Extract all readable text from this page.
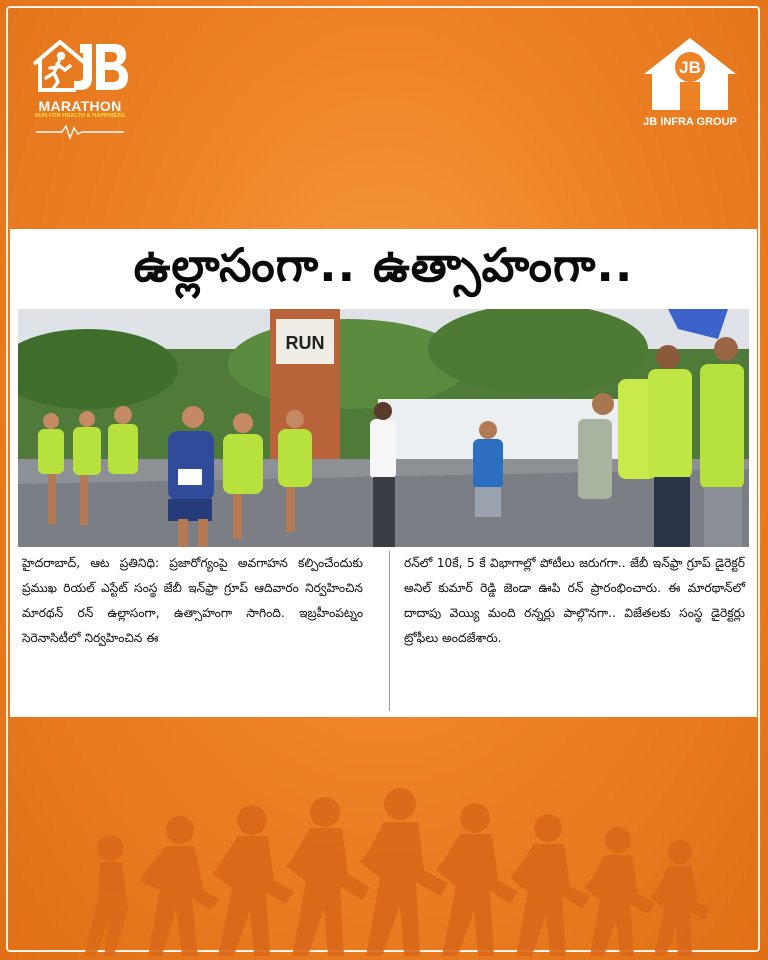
MARATHON
RUN FOR HEALTH & HAPPINESS
JB
JB INFRA GROUP
ఉల్లాసంగా.. ఉత్సాహంగా..
RUN
హైదరాబాద్, ఆట ప్రతినిధి: ప్రజారోగ్యంపై అవగాహన కల్పించేందుకు ప్రముఖ రియల్ ఎస్టేట్ సంస్థ జేబీ ఇన్‌ఫ్రా గ్రూప్ ఆదివారం నిర్వహించిన మారథన్ రన్ ఉల్లాసంగా, ఉత్సాహంగా సాగింది. ఇబ్రహీంపట్నం సెరెనాసిటీలో నిర్వహించిన ఈ
రన్‌లో 10కే, 5 కే విభాగాల్లో పోటీలు జరుగగా.. జేబీ ఇన్‌ఫ్రా గ్రూప్ డైరెక్టర్ అనిల్ కుమార్ రెడ్డి జెండా ఊపి రన్ ప్రారంభించారు. ఈ మారథాన్‌లో దాదాపు వెయ్యి మంది రన్నర్లు పాల్గొనగా.. విజేతలకు సంస్థ డైరెక్టర్లు ట్రోఫీలు అందజేశారు.
